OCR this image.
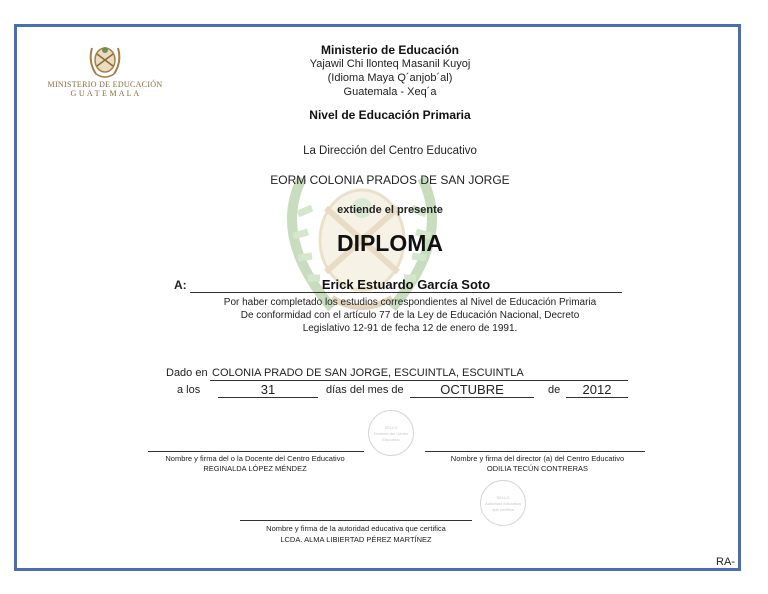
MINISTERIO DE EDUCACIÓN
G U A T E M A L A
Ministerio de Educación
Yajawil Chi llonteq Masanil Kuyoj
(Idioma Maya Q´anjob´al)
Guatemala - Xeq´a
Nivel de Educación Primaria
La Dirección del Centro Educativo
EORM COLONIA PRADOS DE SAN JORGE
extiende el presente
DIPLOMA
A:	Erick Estuardo García Soto
Por haber completado los estudios correspondientes al Nivel de Educación Primaria
De conformidad con el artículo 77 de la Ley de Educación Nacional, Decreto
Legislativo 12-91 de fecha 12 de enero de 1991.
Dado en COLONIA PRADO DE SAN JORGE, ESCUINTLA, ESCUINTLA
a los	31	días del mes de	OCTUBRE	de	2012
SELLO
Docente del Centro
Educativo
SELLO
Autoridad Educativa
que certifica
Nombre y firma del o la Docente del Centro Educativo
REGINALDA LÓPEZ MÉNDEZ
Nombre y firma del director (a) del Centro Educativo
ODILIA TECÚN CONTRERAS
Nombre y firma de la autoridad educativa que certifica
LCDA. ALMA LIBIERTAD PÉREZ MARTÍNEZ
RA-
